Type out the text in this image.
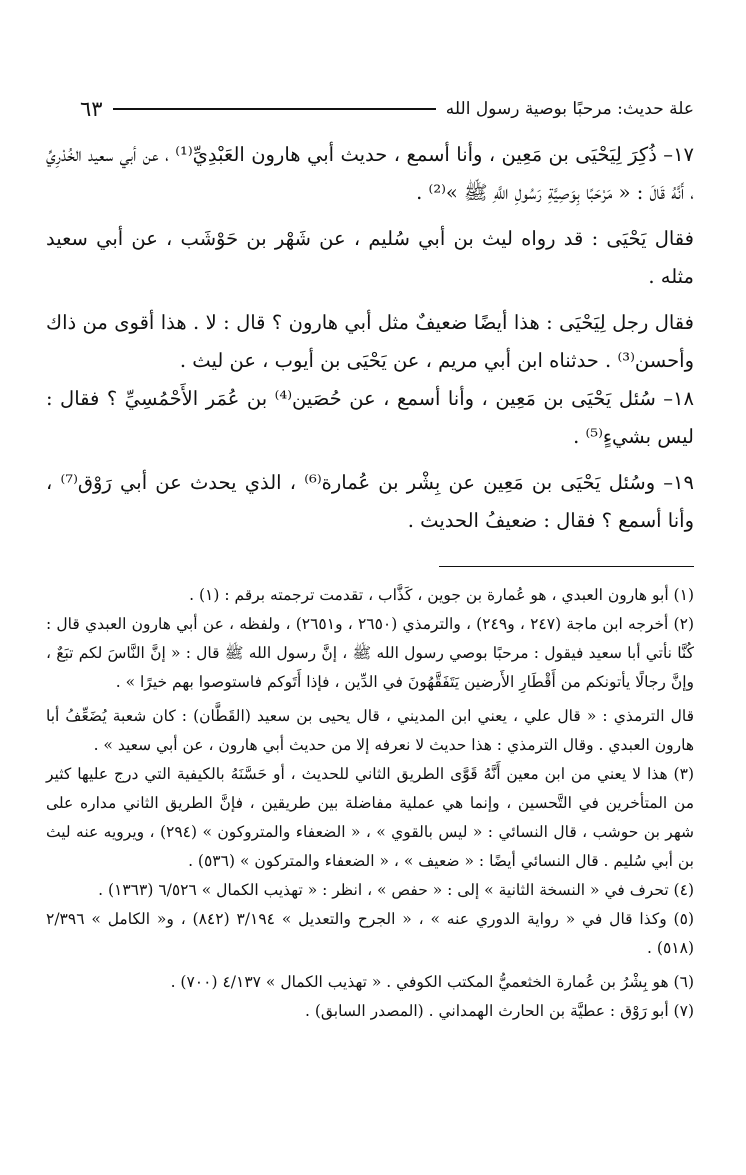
علة حديث: مرحبًا بوصية رسول الله
٦٣

١٧– ذُكِرَ لِيَحْيَى بن مَعِين ، وأنا أسمع ، حديث أبي هارون العَبْدِيِّ⁽¹⁾ ، عن أبي سعيد الخُدْرِيِّ ، أَنَّهُ قَالَ : « مَرْحَبًا بِوَصِيَّةِ رَسُولِ اللَّهِ ﷺ »⁽²⁾ .

فقال يَحْيَى : قد رواه ليث بن أبي سُليم ، عن شَهْر بن حَوْشَب ، عن أبي سعيد مثله .

فقال رجل لِيَحْيَى : هذا أيضًا ضعيفٌ مثل أبي هارون ؟ قال : لا . هذا أقوى من ذاك وأحسن⁽³⁾ . حدثناه ابن أبي مريم ، عن يَحْيَى بن أيوب ، عن ليث .

١٨– سُئل يَحْيَى بن مَعِين ، وأنا أسمع ، عن حُصَين⁽⁴⁾ بن عُمَر الأَحْمُسِيِّ ؟ فقال : ليس بشيءٍ⁽⁵⁾ .

١٩– وسُئل يَحْيَى بن مَعِين عن بِشْر بن عُمارة⁽⁶⁾ ، الذي يحدث عن أبي رَوْق⁽⁷⁾ ، وأنا أسمع ؟ فقال : ضعيفُ الحديث .

(١) أبو هارون العبدي ، هو عُمارة بن جوين ، كَذَّاب ، تقدمت ترجمته برقم : (١) .

(٢) أخرجه ابن ماجة (٢٤٧ ، و٢٤٩) ، والترمذي (٢٦٥٠ ، و٢٦٥١) ، ولفظه ، عن أبي هارون العبدي قال : كُنَّا نأتي أبا سعيد فيقول : مرحبًا بوصي رسول الله ﷺ ، إنَّ رسول الله ﷺ قال : « إنَّ النَّاسَ لكم تبَعٌ ، وإنَّ رجالًا يأتونكم من أَقْطَارِ الأَرضين يَتَفَقَّهُونَ في الدِّين ، فإذا أَتَوكم فاستوصوا بهم خيرًا » .

قال الترمذي : « قال علي ، يعني ابن المديني ، قال يحيى بن سعيد (القَطَّان) : كان شعبة يُضَعِّفُ أبا هارون العبدي . وقال الترمذي : هذا حديث لا نعرفه إلا من حديث أبي هارون ، عن أبي سعيد » .

(٣) هذا لا يعني من ابن معين أَنَّهُ قَوَّى الطريق الثاني للحديث ، أو حَسَّنَهُ بالكيفية التي درج عليها كثير من المتأخرين في التَّحسين ، وإنما هي عملية مفاضلة بين طريقين ، فإنَّ الطريق الثاني مداره على شهر بن حوشب ، قال النسائي : « ليس بالقوي » ، « الضعفاء والمتروكون » (٢٩٤) ، ويرويه عنه ليث بن أبي سُليم . قال النسائي أيضًا : « ضعيف » ، « الضعفاء والمتركون » (٥٣٦) .

(٤) تحرف في « النسخة الثانية » إلى : « حفص » ، انظر : « تهذيب الكمال » ٦/٥٢٦ (١٣٦٣) .

(٥) وكذا قال في « رواية الدوري عنه » ، « الجرح والتعديل » ٣/١٩٤ (٨٤٢) ، و« الكامل » ٢/٣٩٦ (٥١٨) .

(٦) هو بِشْرُ بن عُمارة الخثعميُّ المكتب الكوفي . « تهذيب الكمال » ٤/١٣٧ (٧٠٠) .

(٧) أبو رَوْق : عطيَّة بن الحارث الهمداني . (المصدر السابق) .
